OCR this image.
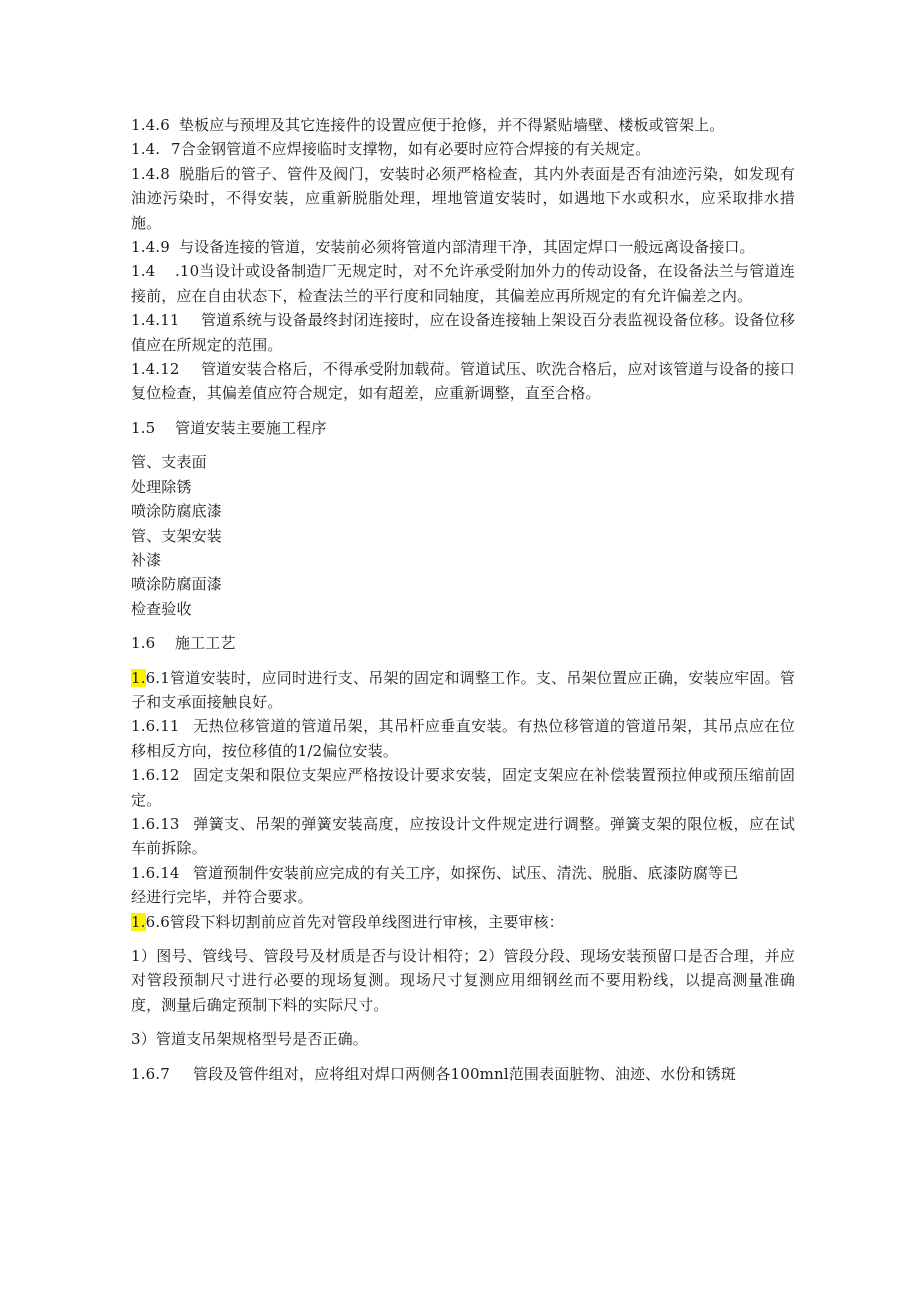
1.4.6 垫板应与预埋及其它连接件的设置应便于抢修，并不得紧贴墙壁、楼板或管架上。

1.4. 7合金钢管道不应焊接临时支撑物，如有必要时应符合焊接的有关规定。

1.4.8 脱脂后的管子、管件及阀门，安装时必须严格检查，其内外表面是否有油迹污染，如发现有油迹污染时，不得安装，应重新脱脂处理，埋地管道安装时，如遇地下水或积水，应采取排水措施。

1.4.9 与设备连接的管道，安装前必须将管道内部清理干净，其固定焊口一般远离设备接口。

1.4 .10当设计或设备制造厂无规定时，对不允许承受附加外力的传动设备，在设备法兰与管道连接前，应在自由状态下，检查法兰的平行度和同轴度，其偏差应再所规定的有允许偏差之内。

1.4.11 管道系统与设备最终封闭连接时，应在设备连接轴上架设百分表监视设备位移。设备位移值应在所规定的范围。

1.4.12 管道安装合格后，不得承受附加载荷。管道试压、吹洗合格后，应对该管道与设备的接口复位检查，其偏差值应符合规定，如有超差，应重新调整，直至合格。

1.5 管道安装主要施工程序

管、支表面

处理除锈

喷涂防腐底漆

管、支架安装

补漆

喷涂防腐面漆

检查验收

1.6 施工工艺

1.6.1管道安装时，应同时进行支、吊架的固定和调整工作。支、吊架位置应正确，安装应牢固。管子和支承面接触良好。

1.6.11 无热位移管道的管道吊架，其吊杆应垂直安装。有热位移管道的管道吊架，其吊点应在位移相反方向，按位移值的1/2偏位安装。

1.6.12 固定支架和限位支架应严格按设计要求安装，固定支架应在补偿装置预拉伸或预压缩前固定。

1.6.13 弹簧支、吊架的弹簧安装高度，应按设计文件规定进行调整。弹簧支架的限位板，应在试车前拆除。

1.6.14 管道预制件安装前应完成的有关工序，如探伤、试压、清洗、脱脂、底漆防腐等已

经进行完毕，并符合要求。

1.6.6管段下料切割前应首先对管段单线图进行审核，主要审核：

1）图号、管线号、管段号及材质是否与设计相符；2）管段分段、现场安装预留口是否合理，并应对管段预制尺寸进行必要的现场复测。现场尺寸复测应用细钢丝而不要用粉线，以提高测量准确度，测量后确定预制下料的实际尺寸。

3）管道支吊架规格型号是否正确。

1.6.7 管段及管件组对，应将组对焊口两侧各100mnl范围表面脏物、油迹、水份和锈斑
